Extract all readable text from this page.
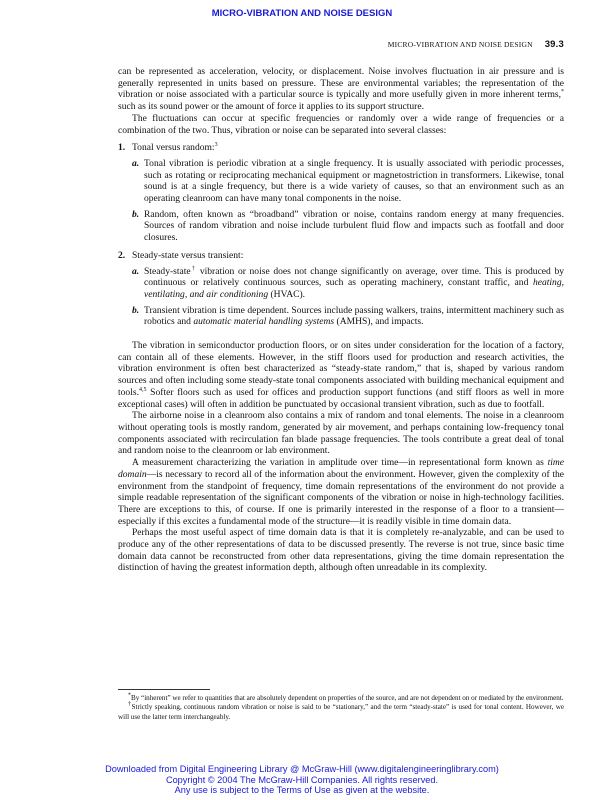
MICRO-VIBRATION AND NOISE DESIGN
MICRO-VIBRATION AND NOISE DESIGN 39.3

can be represented as acceleration, velocity, or displacement. Noise involves fluctuation in air pressure and is generally represented in units based on pressure. These are environmental variables; the representation of the vibration or noise associated with a particular source is typically and more usefully given in more inherent terms,* such as its sound power or the amount of force it applies to its support structure.

The fluctuations can occur at specific frequencies or randomly over a wide range of frequencies or a combination of the two. Thus, vibration or noise can be separated into several classes:

1. Tonal versus random:$^3$
a. Tonal vibration is periodic vibration at a single frequency. It is usually associated with periodic processes, such as rotating or reciprocating mechanical equipment or magnetostriction in transformers. Likewise, tonal sound is at a single frequency, but there is a wide variety of causes, so that an environment such as an operating cleanroom can have many tonal components in the noise.
b. Random, often known as “broadband” vibration or noise, contains random energy at many frequencies. Sources of random vibration and noise include turbulent fluid flow and impacts such as footfall and door closures.
2. Steady-state versus transient:
a. Steady-state† vibration or noise does not change significantly on average, over time. This is produced by continuous or relatively continuous sources, such as operating machinery, constant traffic, and heating, ventilating, and air conditioning (HVAC).
b. Transient vibration is time dependent. Sources include passing walkers, trains, intermittent machinery such as robotics and automatic material handling systems (AMHS), and impacts.

The vibration in semiconductor production floors, or on sites under consideration for the location of a factory, can contain all of these elements. However, in the stiff floors used for production and research activities, the vibration environment is often best characterized as “steady-state random,” that is, shaped by various random sources and often including some steady-state tonal components associated with building mechanical equipment and tools.$^{4,5}$ Softer floors such as used for offices and production support functions (and stiff floors as well in more exceptional cases) will often in addition be punctuated by occasional transient vibration, such as due to footfall.

The airborne noise in a cleanroom also contains a mix of random and tonal elements. The noise in a cleanroom without operating tools is mostly random, generated by air movement, and perhaps containing low-frequency tonal components associated with recirculation fan blade passage frequencies. The tools contribute a great deal of tonal and random noise to the cleanroom or lab environment.

A measurement characterizing the variation in amplitude over time—in representational form known as time domain—is necessary to record all of the information about the environment. However, given the complexity of the environment from the standpoint of frequency, time domain representations of the environment do not provide a simple readable representation of the significant components of the vibration or noise in high-technology facilities. There are exceptions to this, of course. If one is primarily interested in the response of a floor to a transient—especially if this excites a fundamental mode of the structure—it is readily visible in time domain data.

Perhaps the most useful aspect of time domain data is that it is completely re-analyzable, and can be used to produce any of the other representations of data to be discussed presently. The reverse is not true, since basic time domain data cannot be reconstructed from other data representations, giving the time domain representation the distinction of having the greatest information depth, although often unreadable in its complexity.

*By “inherent” we refer to quantities that are absolutely dependent on properties of the source, and are not dependent on or mediated by the environment.

†Strictly speaking, continuous random vibration or noise is said to be “stationary,” and the term “steady-state” is used for tonal content. However, we will use the latter term interchangeably.

Downloaded from Digital Engineering Library @ McGraw-Hill (www.digitalengineeringlibrary.com)
Copyright © 2004 The McGraw-Hill Companies. All rights reserved.
Any use is subject to the Terms of Use as given at the website.
